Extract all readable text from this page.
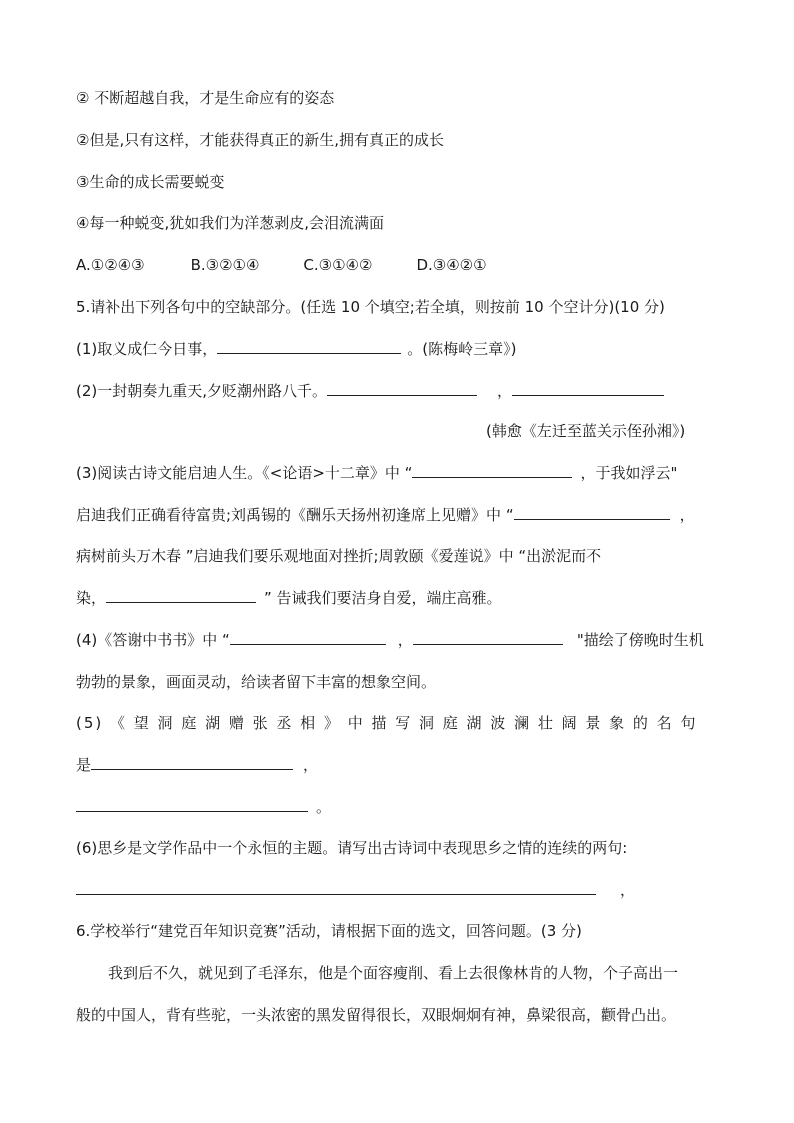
② 不断超越自我，才是生命应有的姿态
②但是,只有这样，才能获得真正的新生,拥有真正的成长
③生命的成长需要蜕变
④每一种蜕变,犹如我们为洋葱剥皮,会泪流满面
A.①②④③	B.③②①④	C.③①④②	D.③④②①
5.请补出下列各句中的空缺部分。(任选 10 个填空;若全填，则按前 10 个空计分)(10 分)
(1)取义成仁今日事，	。(陈梅岭三章》)
(2)一封朝奏九重天,夕贬潮州路八千。	，
(韩愈《左迁至蓝关示侄孙湘》)
(3)阅读古诗文能启迪人生。《<论语>十二章》中 “	，于我如浮云"
启迪我们正确看待富贵;刘禹锡的《酬乐天扬州初逢席上见赠》中 “	，
病树前头万木春 ”启迪我们要乐观地面对挫折;周敦颐《爱莲说》中 “出淤泥而不
染，	” 告诫我们要洁身自爱，端庄高雅。
(4)《答谢中书书》中 “	，	"描绘了傍晚时生机
勃勃的景象，画面灵动，给读者留下丰富的想象空间。
(5) 《 望 洞 庭 湖 赠 张 丞 相 》 中 描 写 洞 庭 湖 波 澜 壮 阔 景 象 的 名 句
是	，
。
(6)思乡是文学作品中一个永恒的主题。请写出古诗词中表现思乡之情的连续的两句:
，
6.学校举行“建党百年知识竞赛”活动，请根据下面的选文，回答问题。(3 分)
我到后不久，就见到了毛泽东，他是个面容瘦削、看上去很像林肯的人物，个子高出一
般的中国人，背有些驼，一头浓密的黑发留得很长，双眼炯炯有神，鼻梁很高，颧骨凸出。
